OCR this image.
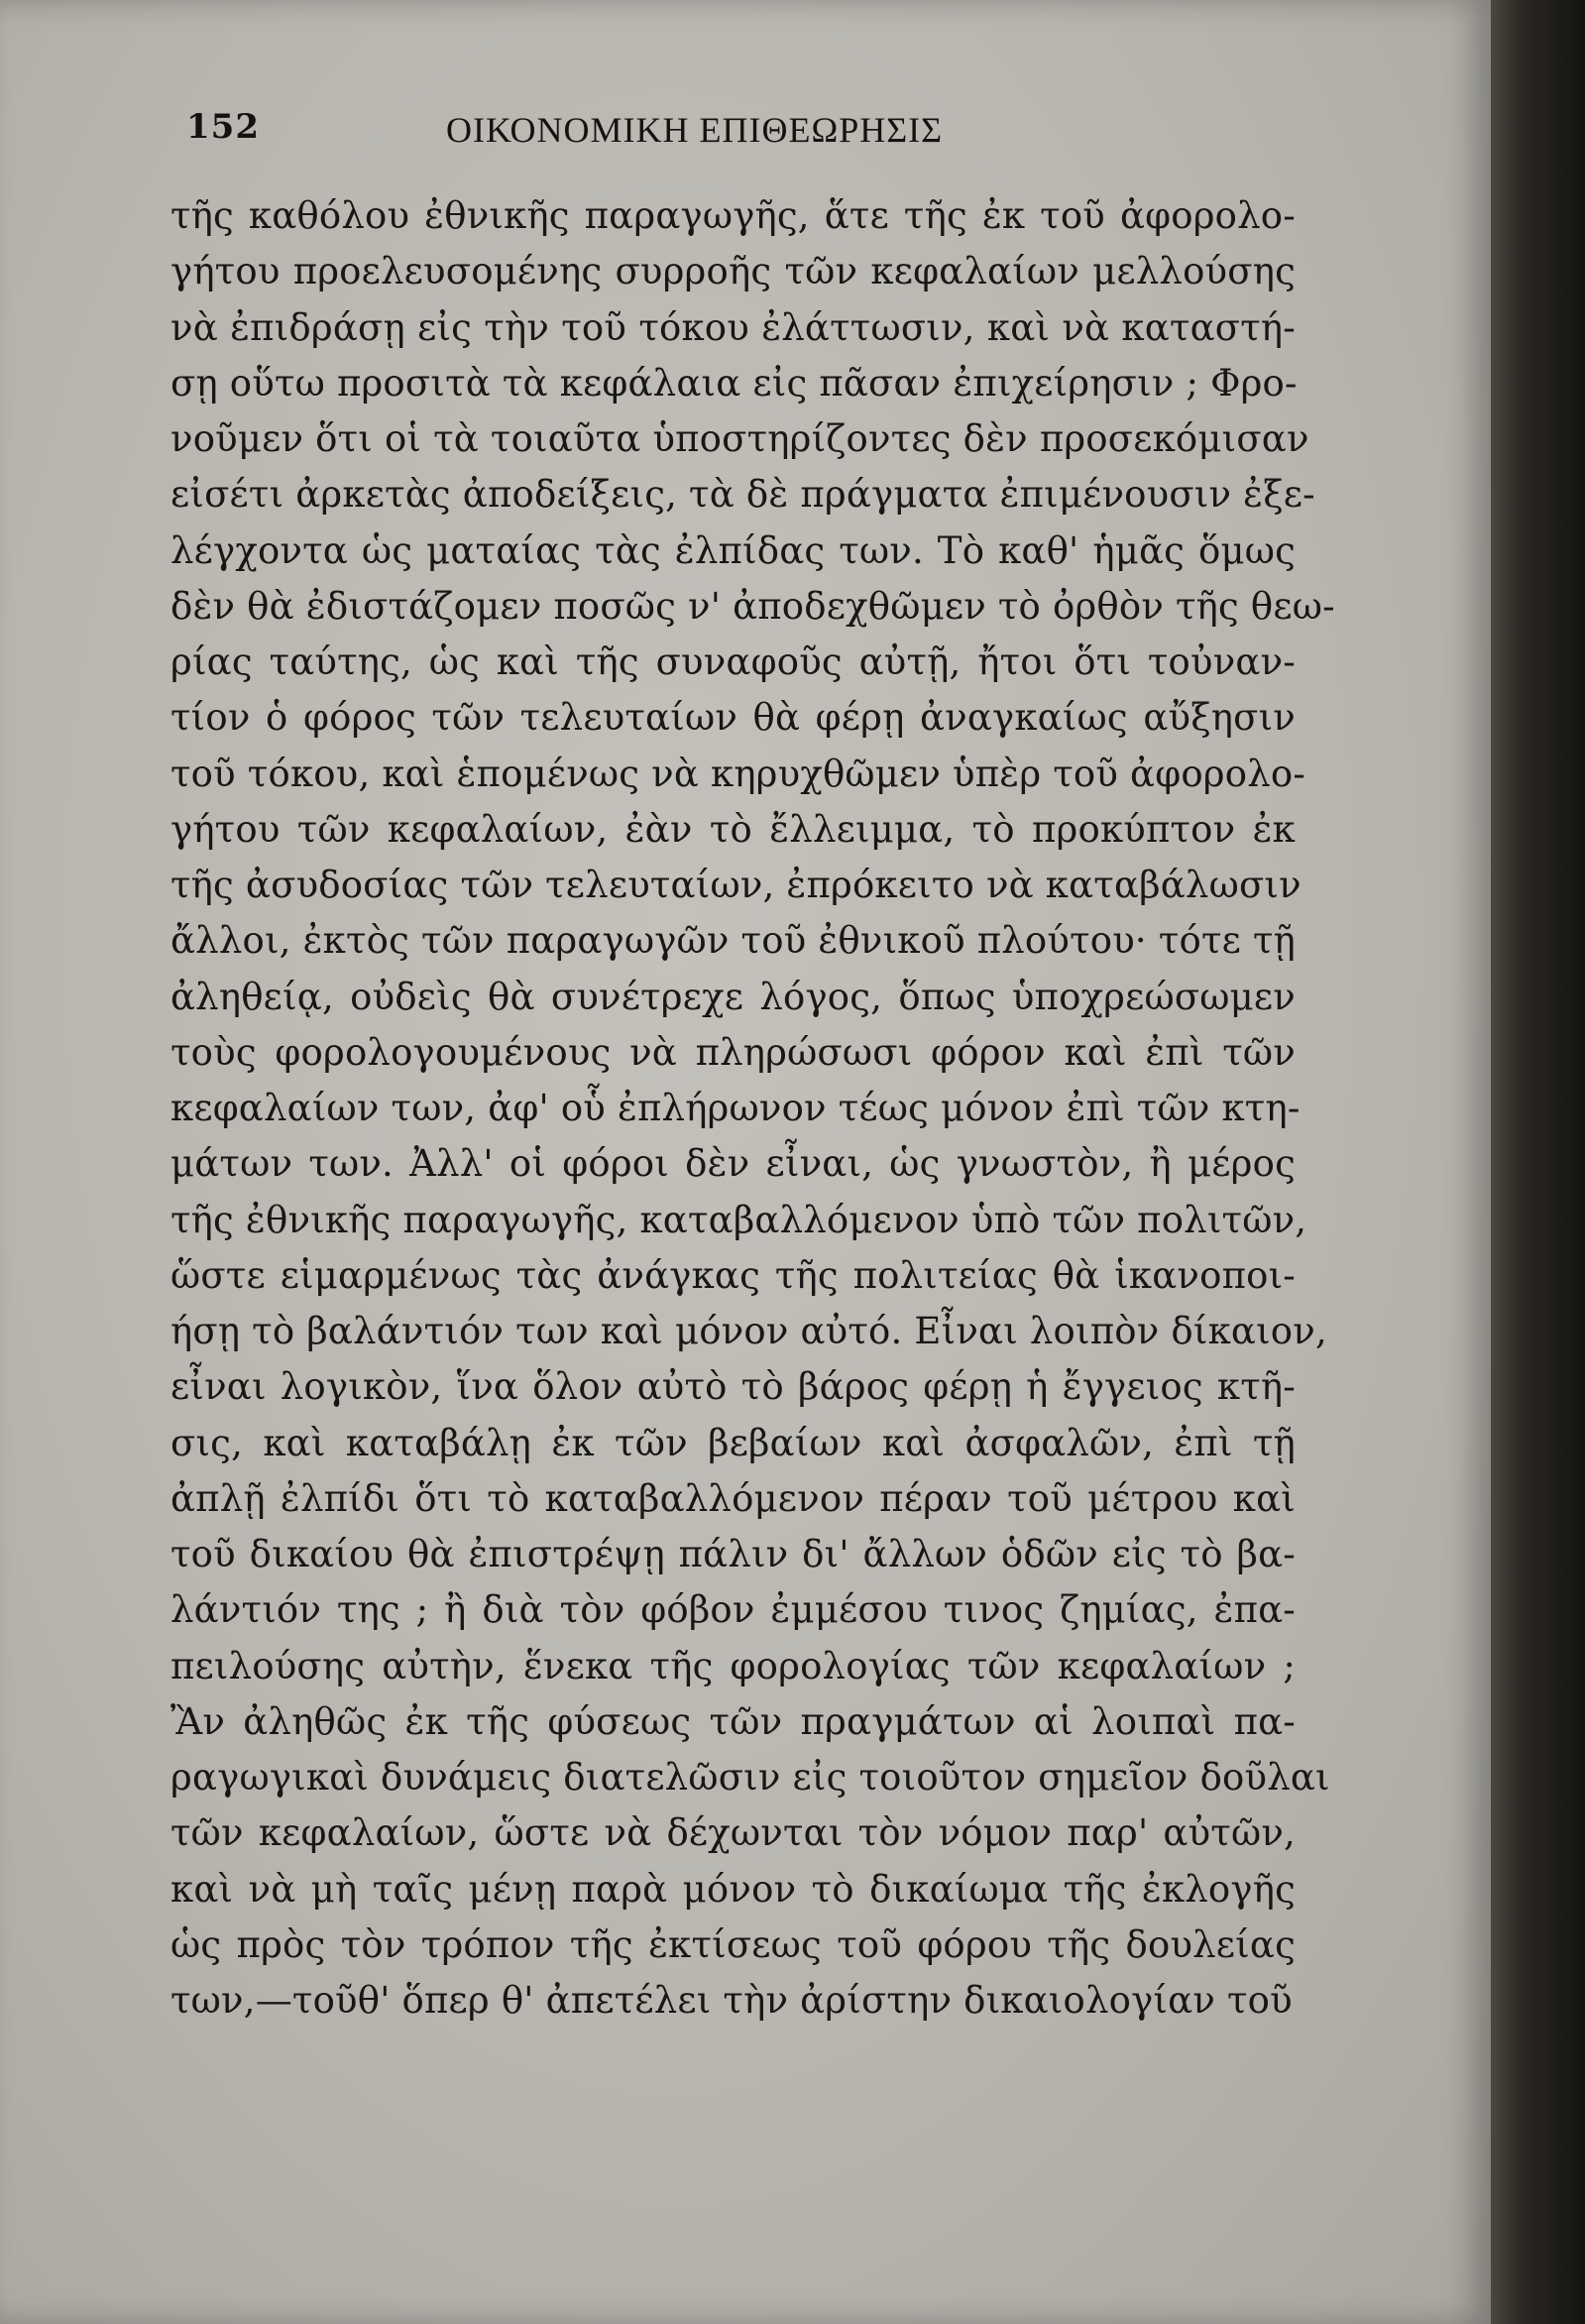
152	ΟΙΚΟΝΟΜΙΚΗ ΕΠΙΘΕΩΡΗΣΙΣ
τῆς καθόλου ἐθνικῆς παραγωγῆς, ἅτε τῆς ἐκ τοῦ ἀφορολο-
γήτου προελευσομένης συρροῆς τῶν κεφαλαίων μελλούσης
νὰ ἐπιδράσῃ εἰς τὴν τοῦ τόκου ἐλάττωσιν, καὶ νὰ καταστή-
σῃ οὕτω προσιτὰ τὰ κεφάλαια εἰς πᾶσαν ἐπιχείρησιν ; Φρο-
νοῦμεν ὅτι οἱ τὰ τοιαῦτα ὑποστηρίζοντες δὲν προσεκόμισαν
εἰσέτι ἀρκετὰς ἀποδείξεις, τὰ δὲ πράγματα ἐπιμένουσιν ἐξε-
λέγχοντα ὡς ματαίας τὰς ἐλπίδας των. Τὸ καθ' ἡμᾶς ὅμως
δὲν θὰ ἐδιστάζομεν ποσῶς ν' ἀποδεχθῶμεν τὸ ὀρθὸν τῆς θεω-
ρίας ταύτης, ὡς καὶ τῆς συναφοῦς αὐτῇ, ἤτοι ὅτι τοὐναν-
τίον ὁ φόρος τῶν τελευταίων θὰ φέρῃ ἀναγκαίως αὔξησιν
τοῦ τόκου, καὶ ἑπομένως νὰ κηρυχθῶμεν ὑπὲρ τοῦ ἀφορολο-
γήτου τῶν κεφαλαίων, ἐὰν τὸ ἔλλειμμα, τὸ προκύπτον ἐκ
τῆς ἀσυδοσίας τῶν τελευταίων, ἐπρόκειτο νὰ καταβάλωσιν
ἄλλοι, ἐκτὸς τῶν παραγωγῶν τοῦ ἐθνικοῦ πλούτου· τότε τῇ
ἀληθείᾳ, οὐδεὶς θὰ συνέτρεχε λόγος, ὅπως ὑποχρεώσωμεν
τοὺς φορολογουμένους νὰ πληρώσωσι φόρον καὶ ἐπὶ τῶν
κεφαλαίων των, ἀφ' οὗ ἐπλήρωνον τέως μόνον ἐπὶ τῶν κτη-
μάτων των. Ἀλλ' οἱ φόροι δὲν εἶναι, ὡς γνωστὸν, ἢ μέρος
τῆς ἐθνικῆς παραγωγῆς, καταβαλλόμενον ὑπὸ τῶν πολιτῶν,
ὥστε εἱμαρμένως τὰς ἀνάγκας τῆς πολιτείας θὰ ἱκανοποι-
ήσῃ τὸ βαλάντιόν των καὶ μόνον αὐτό. Εἶναι λοιπὸν δίκαιον,
εἶναι λογικὸν, ἵνα ὅλον αὐτὸ τὸ βάρος φέρῃ ἡ ἔγγειος κτῆ-
σις, καὶ καταβάλῃ ἐκ τῶν βεβαίων καὶ ἀσφαλῶν, ἐπὶ τῇ
ἀπλῇ ἐλπίδι ὅτι τὸ καταβαλλόμενον πέραν τοῦ μέτρου καὶ
τοῦ δικαίου θὰ ἐπιστρέψῃ πάλιν δι' ἄλλων ὁδῶν εἰς τὸ βα-
λάντιόν της ; ἢ διὰ τὸν φόβον ἐμμέσου τινος ζημίας, ἐπα-
πειλούσης αὐτὴν, ἕνεκα τῆς φορολογίας τῶν κεφαλαίων ;
Ἂν ἀληθῶς ἐκ τῆς φύσεως τῶν πραγμάτων αἱ λοιπαὶ πα-
ραγωγικαὶ δυνάμεις διατελῶσιν εἰς τοιοῦτον σημεῖον δοῦλαι
τῶν κεφαλαίων, ὥστε νὰ δέχωνται τὸν νόμον παρ' αὐτῶν,
καὶ νὰ μὴ ταῖς μένῃ παρὰ μόνον τὸ δικαίωμα τῆς ἐκλογῆς
ὡς πρὸς τὸν τρόπον τῆς ἐκτίσεως τοῦ φόρου τῆς δουλείας
των,—τοῦθ' ὅπερ θ' ἀπετέλει τὴν ἀρίστην δικαιολογίαν τοῦ
